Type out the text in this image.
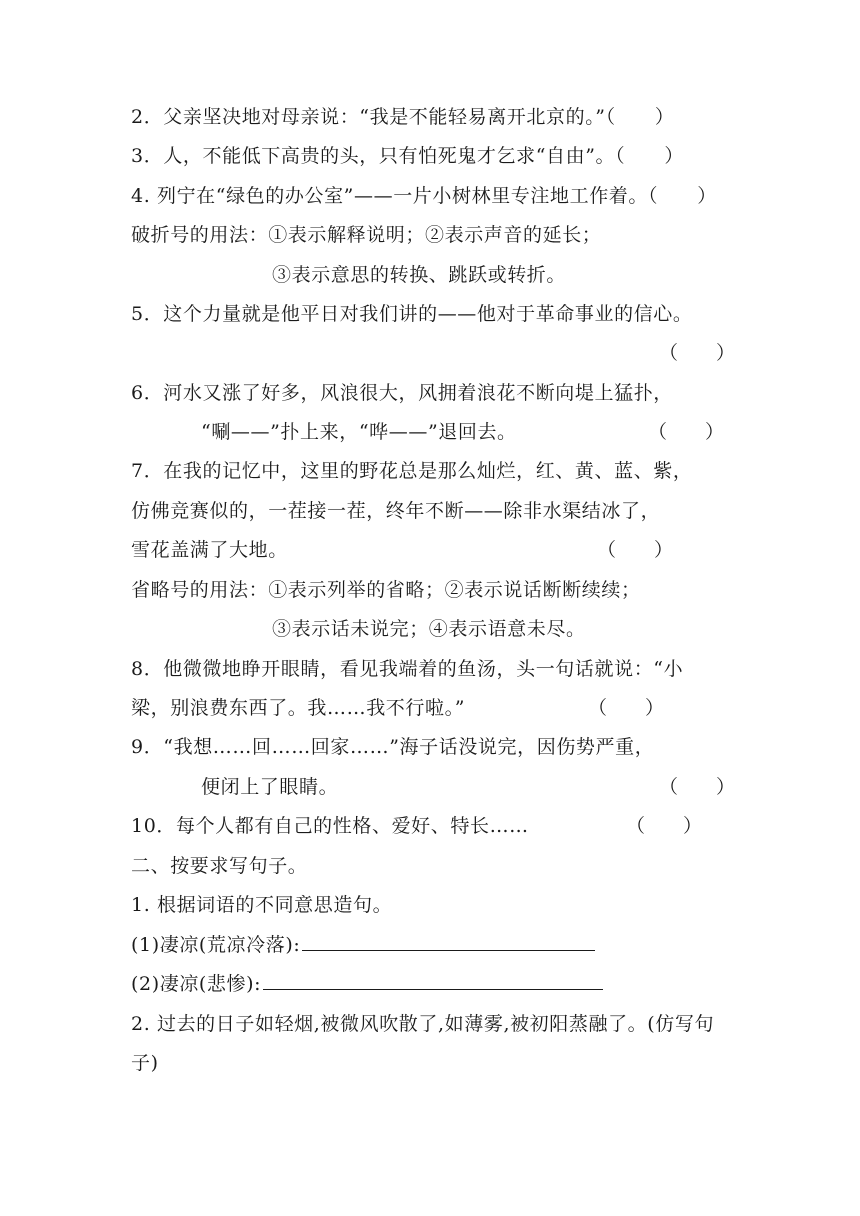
2．父亲坚决地对母亲说：“我是不能轻易离开北京的。”（　　）
3．人，不能低下高贵的头，只有怕死鬼才乞求“自由”。（　　）
4. 列宁在“绿色的办公室”——一片小树林里专注地工作着。（　　）
破折号的用法：①表示解释说明；②表示声音的延长；
③表示意思的转换、跳跃或转折。
5．这个力量就是他平日对我们讲的——他对于革命事业的信心。
（　　）
6．河水又涨了好多，风浪很大，风拥着浪花不断向堤上猛扑，
“唰——”扑上来，“哗——”退回去。	（　　）
7．在我的记忆中，这里的野花总是那么灿烂，红、黄、蓝、紫，
仿佛竞赛似的，一茬接一茬，终年不断——除非水渠结冰了，
雪花盖满了大地。	（　　）
省略号的用法：①表示列举的省略；②表示说话断断续续；
③表示话未说完；④表示语意未尽。
8．他微微地睁开眼睛，看见我端着的鱼汤，头一句话就说：“小
梁，别浪费东西了。我……我不行啦。”	（　　）
9．“我想……回……回家……”海子话没说完，因伤势严重，
便闭上了眼睛。	（　　）
10．每个人都有自己的性格、爱好、特长……	（　　）
二、按要求写句子。
1. 根据词语的不同意思造句。
(1)凄凉(荒凉冷落):
(2)凄凉(悲惨):
2. 过去的日子如轻烟,被微风吹散了,如薄雾,被初阳蒸融了。(仿写句
子)
